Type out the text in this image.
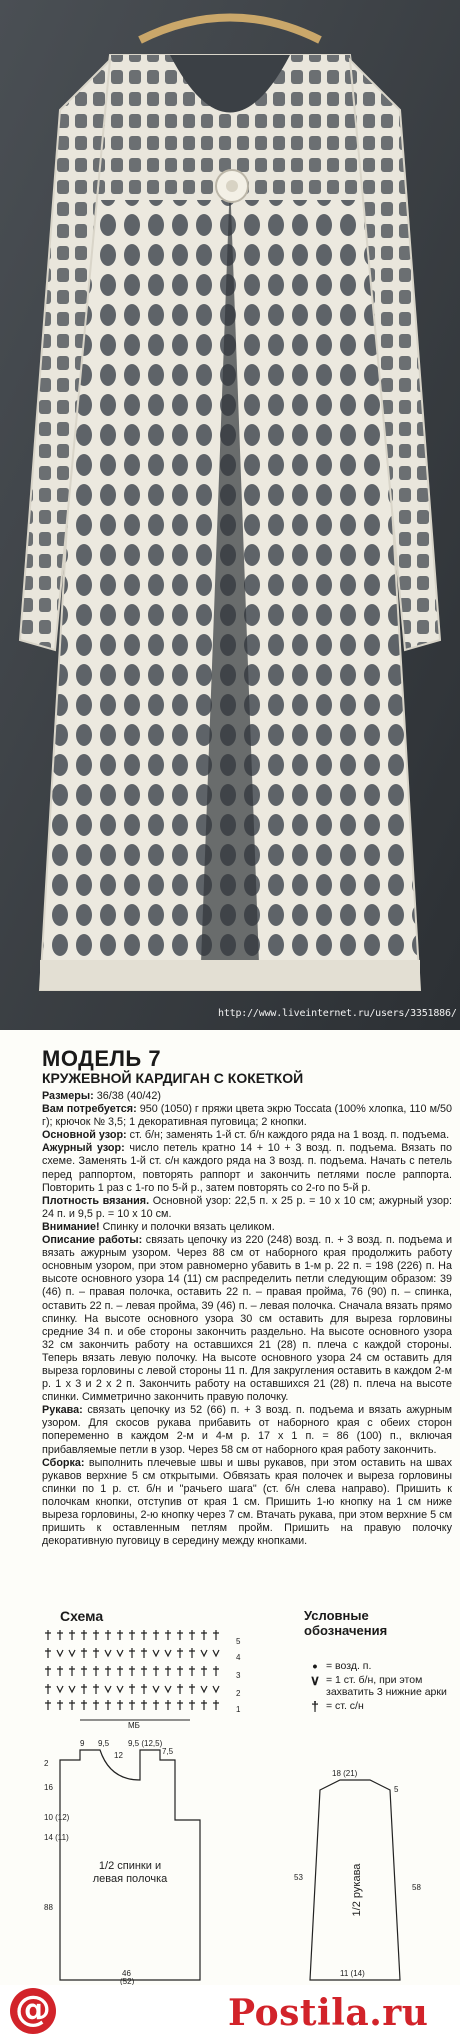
http://www.liveinternet.ru/users/3351886/
МОДЕЛЬ 7
КРУЖЕВНОЙ КАРДИГАН С КОКЕТКОЙ

Размеры: 36/38 (40/42)

Вам потребуется: 950 (1050) г пряжи цвета экрю Toccata (100% хлопка, 110 м/50 г); крючок № 3,5; 1 декоративная пуговица; 2 кнопки.

Основной узор: ст. б/н; заменять 1-й ст. б/н каждого ряда на 1 возд. п. подъема.

Ажурный узор: число петель кратно 14 + 10 + 3 возд. п. подъема. Вязать по схеме. Заменять 1-й ст. с/н каждого ряда на 3 возд. п. подъема. Начать с петель перед раппортом, повторять раппорт и закончить петлями после раппорта. Повторить 1 раз с 1-го по 5-й р., затем повторять со 2-го по 5-й р.

Плотность вязания. Основной узор: 22,5 п. x 25 р. = 10 x 10 см; ажурный узор: 24 п. и 9,5 р. = 10 x 10 см.

Внимание! Спинку и полочки вязать целиком.

Описание работы: связать цепочку из 220 (248) возд. п. + 3 возд. п. подъема и вязать ажурным узором. Через 88 см от наборного края продолжить работу основным узором, при этом равномерно убавить в 1-м р. 22 п. = 198 (226) п. На высоте основного узора 14 (11) см распределить петли следующим образом: 39 (46) п. – правая полочка, оставить 22 п. – правая пройма, 76 (90) п. – спинка, оставить 22 п. – левая пройма, 39 (46) п. – левая полочка. Сначала вязать прямо спинку. На высоте основного узора 30 см оставить для выреза горловины средние 34 п. и обе стороны закончить раздельно. На высоте основного узора 32 см закончить работу на оставшихся 21 (28) п. плеча с каждой стороны. Теперь вязать левую полочку. На высоте основного узора 24 см оставить для выреза горловины с левой стороны 11 п. Для закругления оставить в каждом 2-м р. 1 x 3 и 2 x 2 п. Закончить работу на оставшихся 21 (28) п. плеча на высоте спинки. Симметрично закончить правую полочку.

Рукава: связать цепочку из 52 (66) п. + 3 возд. п. подъема и вязать ажурным узором. Для скосов рукава прибавить от наборного края с обеих сторон попеременно в каждом 2-м и 4-м р. 17 x 1 п. = 86 (100) п., включая прибавляемые петли в узор. Через 58 см от наборного края работу закончить.

Сборка: выполнить плечевые швы и швы рукавов, при этом оставить на швах рукавов верхние 5 см открытыми. Обвязать края полочек и выреза горловины спинки по 1 р. ст. б/н и "рачьего шага" (ст. б/н слева направо). Пришить к полочкам кнопки, отступив от края 1 см. Пришить 1-ю кнопку на 1 см ниже выреза горловины, 2-ю кнопку через 7 см. Втачать рукава, при этом верхние 5 см пришить к оставленным петлям пройм. Пришить на правую полочку декоративную пуговицу в середину между кнопками.

Схема
МБ
5
4
3
2
1
Условные обозначения
• = возд. п.
∨ = 1 ст. б/н, при этом захватить 3 нижние арки
† = ст. с/н
9 9,5
12
9,5 (12,5)
7,5
2
16
10 (12)
14 (11)
88
46
(52)
18 (21)
5
53
58
11 (14)
1/2 спинки и левая полочка	1/2 рукава
@	Postila.ru
